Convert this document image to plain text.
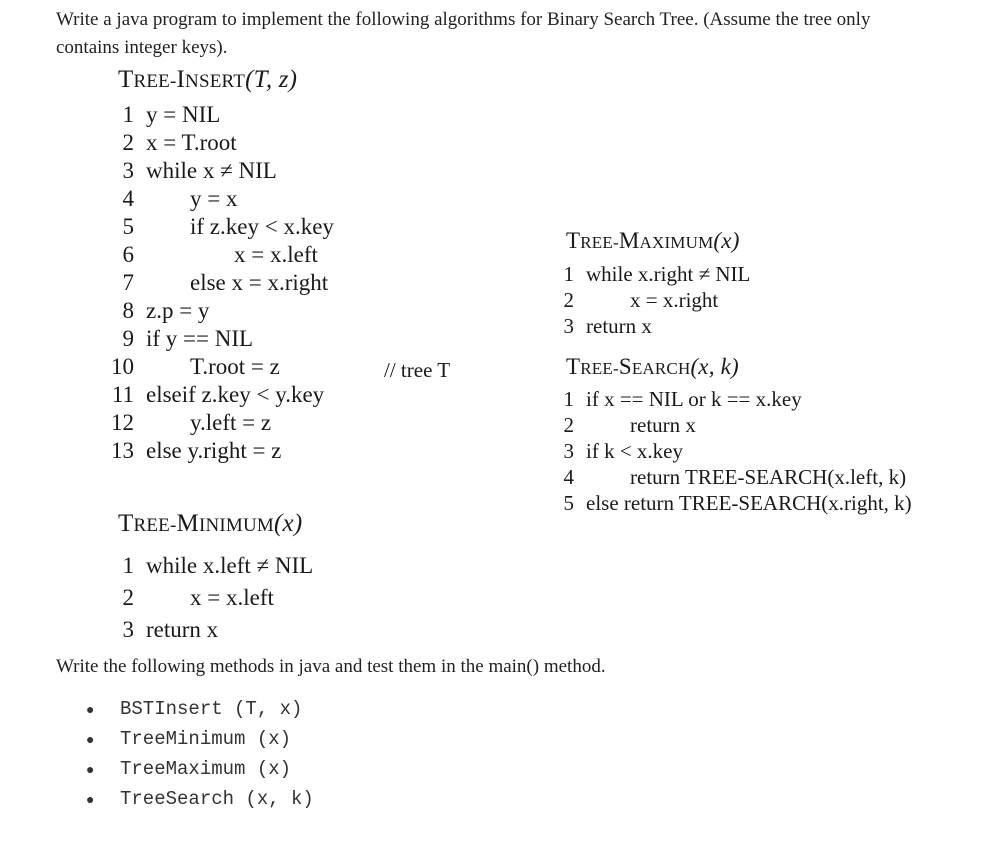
Write a java program to implement the following algorithms for Binary Search Tree. (Assume the tree only contains integer keys).
TREE-INSERT(T, z)
1 y = NIL
2 x = T.root
3 while x ≠ NIL
4 y = x
5 if z.key < x.key
6	x = x.left
7 else x = x.right
8 z.p = y
9 if y == NIL
10 T.root = z
11 elseif z.key < y.key
12 y.left = z
13 else y.right = z
// tree T
TREE-MINIMUM(x)
1 while x.left ≠ NIL
2 x = x.left
3 return x
TREE-MAXIMUM(x)
1 while x.right ≠ NIL
2	x = x.right
3 return x
TREE-SEARCH(x, k)
1 if x == NIL or k == x.key
2	return x
3 if k < x.key
4	return TREE-SEARCH(x.left, k)
5 else return TREE-SEARCH(x.right, k)
Write the following methods in java and test them in the main() method.
● BSTInsert (T, x)
● TreeMinimum (x)
● TreeMaximum (x)
● TreeSearch (x, k)
